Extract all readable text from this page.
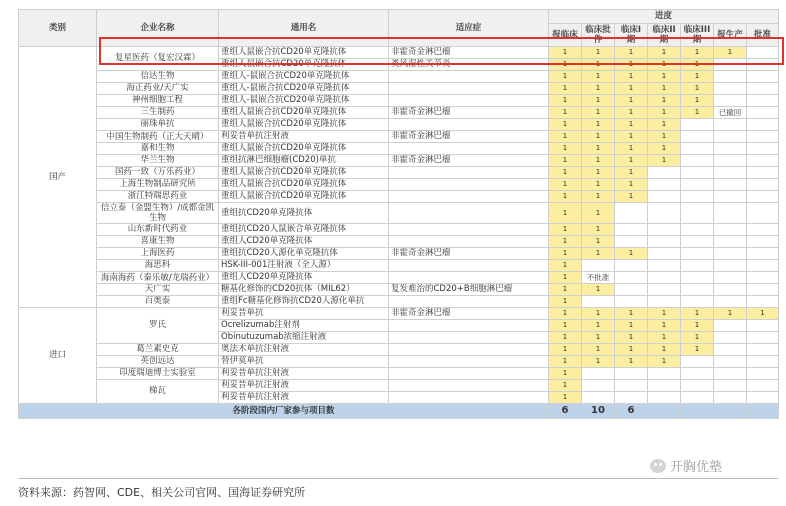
类别	企业名称	通用名	适应症	进度						
				报临床	临床批件	临床I期	临床II期	临床III期	报生产	批准
国产	复星医药（复宏汉霖）	重组人鼠嵌合抗CD20单克隆抗体	非霍奇金淋巴瘤	1	1	1	1	1	1	
		重组人鼠嵌合抗CD20单克隆抗体	类风湿性关节炎	1	1	1	1	1		
	信达生物	重组人-鼠嵌合抗CD20单克隆抗体		1	1	1	1	1		
	海正药业/天广实	重组人-鼠嵌合抗CD20单克隆抗体		1	1	1	1	1		
	神州细胞工程	重组人-鼠嵌合抗CD20单克隆抗体		1	1	1	1	1		
	三生制药	重组人鼠嵌合抗CD20单克隆抗体	非霍奇金淋巴瘤	1	1	1	1	1	已撤回	
	丽珠单抗	重组人鼠嵌合抗CD20单克隆抗体		1	1	1	1			
	中国生物制药（正大天晴）	利妥昔单抗注射液	非霍奇金淋巴瘤	1	1	1	1			
	嘉和生物	重组人鼠嵌合抗CD20单克隆抗体		1	1	1	1			
	华兰生物	重组抗淋巴细胞瘤(CD20)单抗	非霍奇金淋巴瘤	1	1	1	1			
	国药一致（万乐药业）	重组人鼠嵌合抗CD20单克隆抗体		1	1	1				
	上海生物制品研究所	重组人鼠嵌合抗CD20单克隆抗体		1	1	1				
	浙江特瑞思药业	重组人鼠嵌合抗CD20单克隆抗体		1	1	1				
	信立泰（金盟生物）/成都金凯生物	重组抗CD20单克隆抗体		1	1					
	山东新时代药业	重组抗CD20人鼠嵌合单克隆抗体		1	1					
	喜康生物	重组人CD20单克隆抗体		1	1					
	上海医药	重组抗CD20人源化单克隆抗体	非霍奇金淋巴瘤	1	1	1				
	海思科	HSK-III-001注射液（全人源）		1						
	海南海药（秦乐敏/龙瑞药业）	重组人CD20单克隆抗体		1	不批准					
	天广实	糖基化修饰的CD20抗体（MIL62）	复发难治的CD20+B细胞淋巴瘤	1	1					
	百奥泰	重组Fc糖基化修饰抗CD20人源化单抗		1						
进口	罗氏	利妥昔单抗	非霍奇金淋巴瘤	1	1	1	1	1	1	1
		Ocrelizumab注射剂		1	1	1	1	1		
		Obinutuzumab浓缩注射液		1	1	1	1	1		
	葛兰素史克	奥法木单抗注射液		1	1	1	1	1		
	英创远达	替伊莫单抗		1	1	1	1			
	印度瑞迪博士实验室	利妥昔单抗注射液		1						
	梯瓦	利妥昔单抗注射液		1						
		利妥昔单抗注射液		1						
各阶段国内厂家参与项目数				6	10	6				
开胸优塾
资料来源：药智网、CDE、相关公司官网、国海证券研究所
